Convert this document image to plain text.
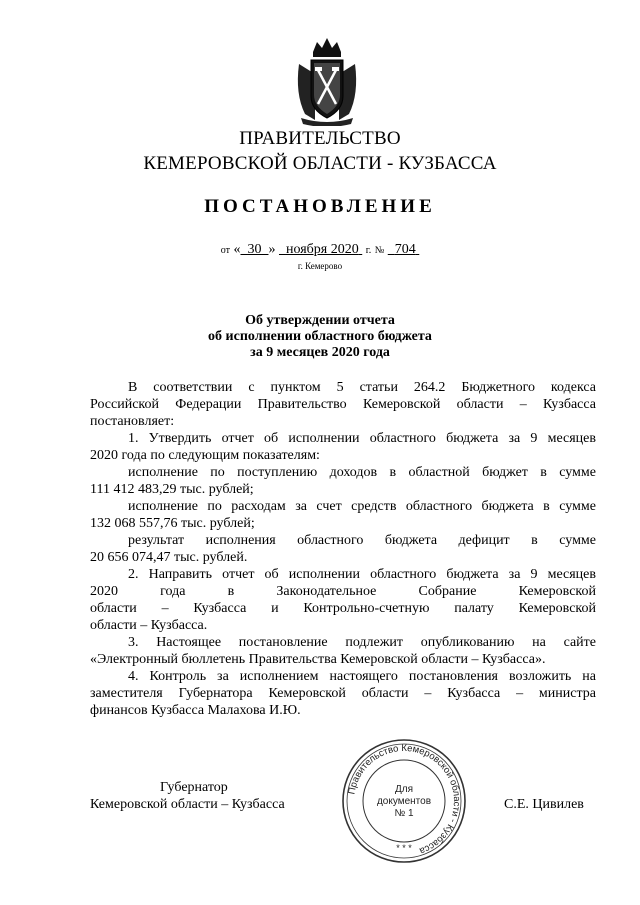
ПРАВИТЕЛЬСТВО
КЕМЕРОВСКОЙ ОБЛАСТИ - КУЗБАССА
ПОСТАНОВЛЕНИЕ
от « 30 » ноября 2020 г. № 704
г. Кемерово
Об утверждении отчета
об исполнении областного бюджета
за 9 месяцев 2020 года

В соответствии с пунктом 5 статьи 264.2 Бюджетного кодекса

Российской Федерации Правительство Кемеровской области – Кузбасса

постановляет:

1. Утвердить отчет об исполнении областного бюджета за 9 месяцев

2020 года по следующим показателям:

исполнение по поступлению доходов в областной бюджет в сумме

111 412 483,29 тыс. рублей;

исполнение по расходам за счет средств областного бюджета в сумме

132 068 557,76 тыс. рублей;

результат исполнения областного бюджета дефицит в сумме

20 656 074,47 тыс. рублей.

2. Направить отчет об исполнении областного бюджета за 9 месяцев

2020 года в Законодательное Собрание Кемеровской

области – Кузбасса и Контрольно-счетную палату Кемеровской

области – Кузбасса.

3. Настоящее постановление подлежит опубликованию на сайте

«Электронный бюллетень Правительства Кемеровской области – Кузбасса».

4. Контроль за исполнением настоящего постановления возложить на

заместителя Губернатора Кемеровской области – Кузбасса – министра

финансов Кузбасса Малахова И.Ю.

Губернатор
Кемеровской области – Кузбасса	С.Е. Цивилев
Правительство Кемеровской области - Кузбасса
Для
документов
№ 1
* * *
